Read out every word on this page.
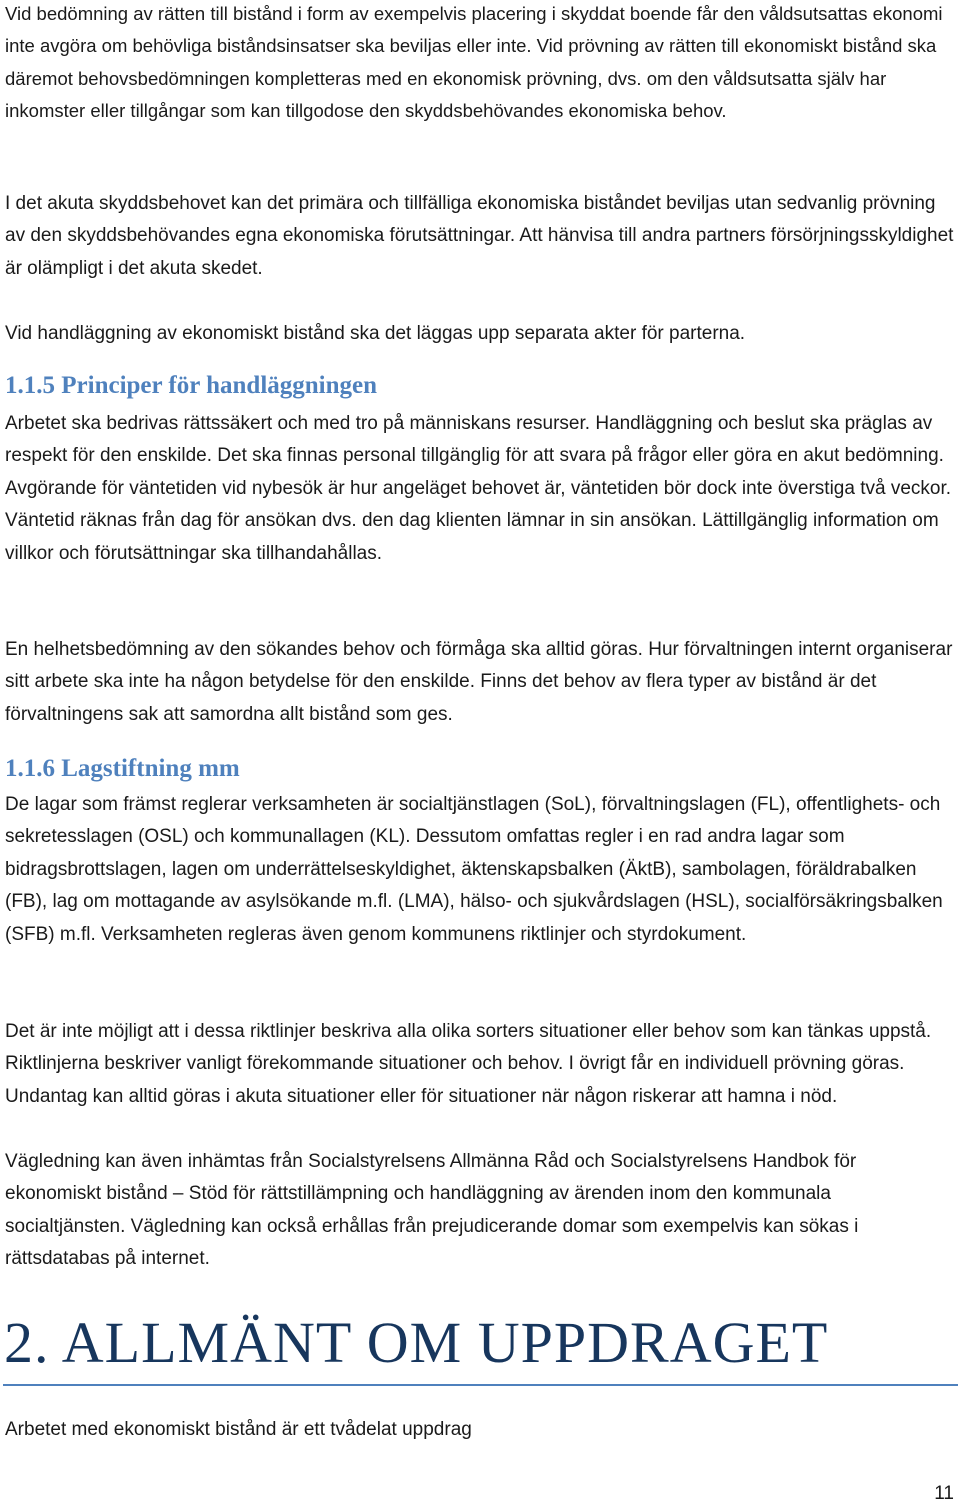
Vid bedömning av rätten till bistånd i form av exempelvis placering i skyddat boende får den våldsutsattas ekonomi inte avgöra om behövliga biståndsinsatser ska beviljas eller inte. Vid prövning av rätten till ekonomiskt bistånd ska däremot behovsbedömningen kompletteras med en ekonomisk prövning, dvs. om den våldsutsatta själv har inkomster eller tillgångar som kan tillgodose den skyddsbehövandes ekonomiska behov.

I det akuta skyddsbehovet kan det primära och tillfälliga ekonomiska biståndet beviljas utan sedvanlig prövning av den skyddsbehövandes egna ekonomiska förutsättningar. Att hänvisa till andra partners försörjningsskyldighet är olämpligt i det akuta skedet.

Vid handläggning av ekonomiskt bistånd ska det läggas upp separata akter för parterna.

1.1.5 Principer för handläggningen

Arbetet ska bedrivas rättssäkert och med tro på människans resurser. Handläggning och beslut ska präglas av respekt för den enskilde. Det ska finnas personal tillgänglig för att svara på frågor eller göra en akut bedömning. Avgörande för väntetiden vid nybesök är hur angeläget behovet är, väntetiden bör dock inte överstiga två veckor. Väntetid räknas från dag för ansökan dvs. den dag klienten lämnar in sin ansökan. Lättillgänglig information om villkor och förutsättningar ska tillhandahållas.

En helhetsbedömning av den sökandes behov och förmåga ska alltid göras. Hur förvaltningen internt organiserar sitt arbete ska inte ha någon betydelse för den enskilde. Finns det behov av flera typer av bistånd är det förvaltningens sak att samordna allt bistånd som ges.

1.1.6 Lagstiftning mm

De lagar som främst reglerar verksamheten är socialtjänstlagen (SoL), förvaltningslagen (FL), offentlighets- och sekretesslagen (OSL) och kommunallagen (KL). Dessutom omfattas regler i en rad andra lagar som bidragsbrottslagen, lagen om underrättelseskyldighet, äktenskapsbalken (ÄktB), sambolagen, föräldrabalken (FB), lag om mottagande av asylsökande m.fl. (LMA), hälso- och sjukvårdslagen (HSL), socialförsäkringsbalken (SFB) m.fl. Verksamheten regleras även genom kommunens riktlinjer och styrdokument.

Det är inte möjligt att i dessa riktlinjer beskriva alla olika sorters situationer eller behov som kan tänkas uppstå. Riktlinjerna beskriver vanligt förekommande situationer och behov. I övrigt får en individuell prövning göras. Undantag kan alltid göras i akuta situationer eller för situationer när någon riskerar att hamna i nöd.

Vägledning kan även inhämtas från Socialstyrelsens Allmänna Råd och Socialstyrelsens Handbok för ekonomiskt bistånd – Stöd för rättstillämpning och handläggning av ärenden inom den kommunala socialtjänsten. Vägledning kan också erhållas från prejudicerande domar som exempelvis kan sökas i rättsdatabas på internet.

2. ALLMÄNT OM UPPDRAGET

Arbetet med ekonomiskt bistånd är ett tvådelat uppdrag

11
